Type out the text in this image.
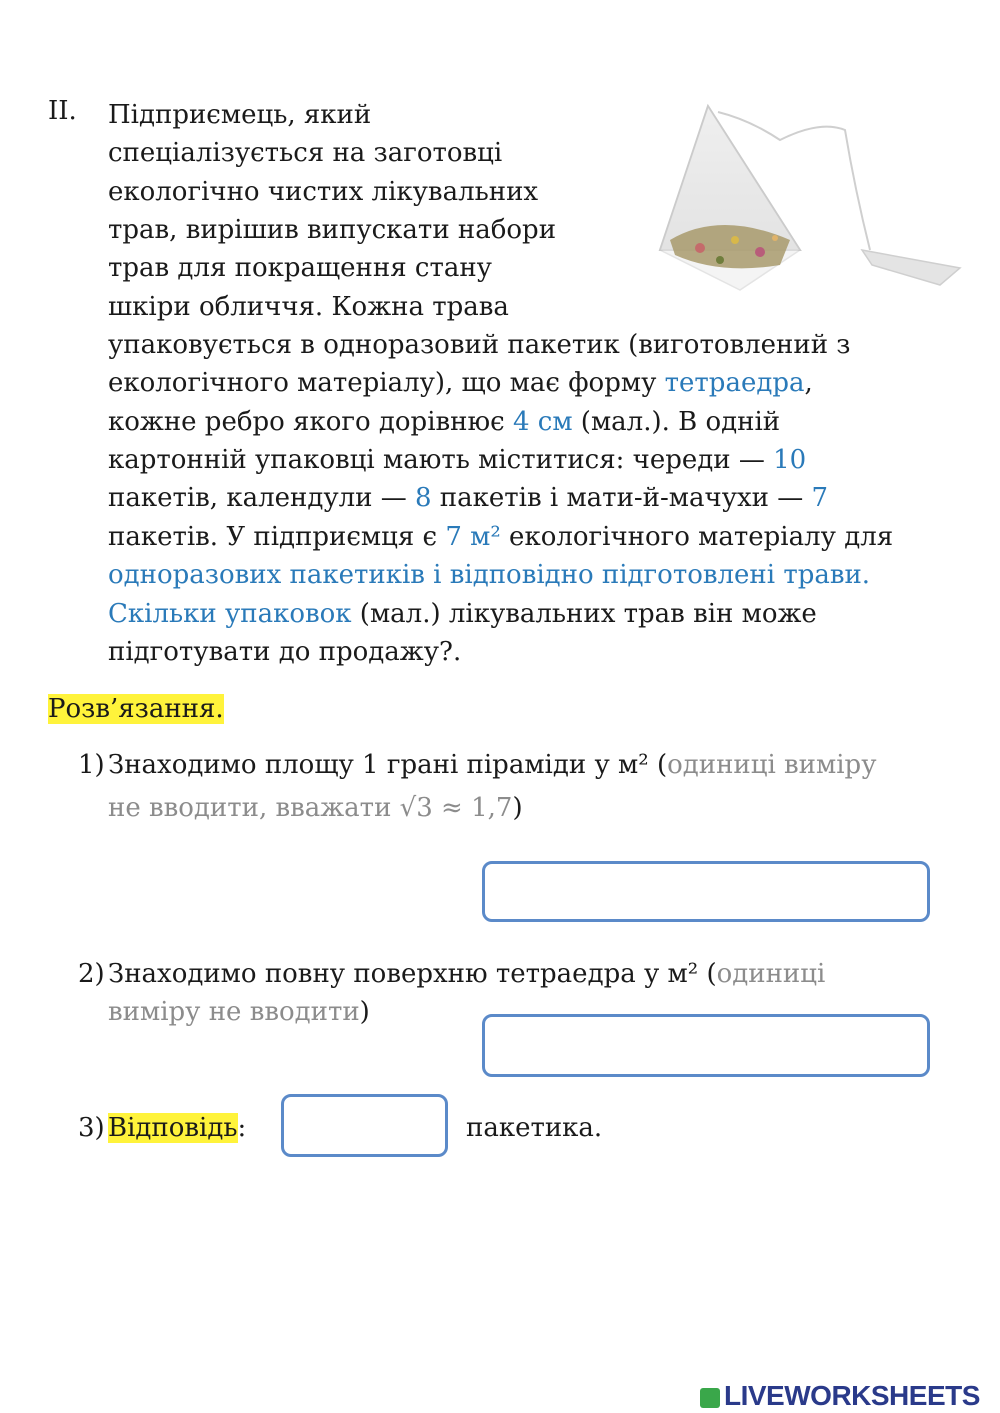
II. Підприємець, який
спеціалізується на заготовці
екологічно чистих лікувальних
трав, вирішив випускати набори
трав для покращення стану
шкіри обличчя. Кожна трава
упаковується в одноразовий пакетик (виготовлений з
екологічного матеріалу), що має форму тетраедра,
кожне ребро якого дорівнює 4 см (мал.). В одній
картонній упаковці мають міститися: череди — 10
пакетів, календули — 8 пакетів і мати-й-мачухи — 7
пакетів. У підприємця є 7 м² екологічного матеріалу для
одноразових пакетиків і відповідно підготовлені трави.
Скільки упаковок (мал.) лікувальних трав він може
підготувати до продажу?.
Розв’язання.
1) Знаходимо площу 1 грані піраміди у м² (одиниці виміру
не вводити, вважати √3 ≈ 1,7)
2) Знаходимо повну поверхню тетраедра у м² (одиниці
виміру не вводити)
3) Відповідь:	пакетика.
LIVEWORKSHEETS
